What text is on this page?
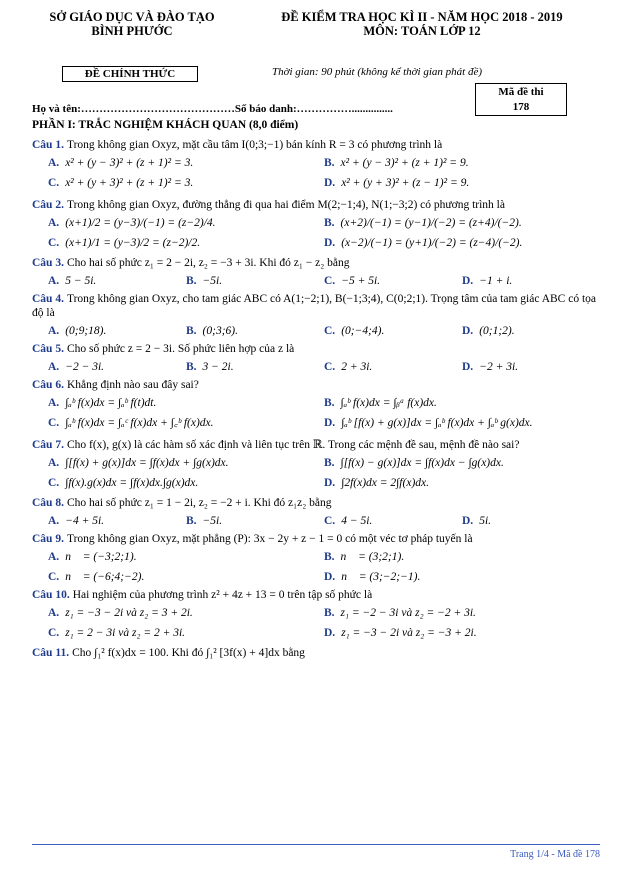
SỞ GIÁO DỤC VÀ ĐÀO TẠO
BÌNH PHƯỚC
ĐỀ KIỂM TRA HỌC KÌ II - NĂM HỌC 2018 - 2019
MÔN: TOÁN LỚP 12
ĐỀ CHÍNH THỨC	Thời gian: 90 phút (không kể thời gian phát đề)
Mã đề thi
178
Họ và tên:……………………………………Số báo danh:……………...............
PHẦN I: TRẮC NGHIỆM KHÁCH QUAN (8,0 điểm)
Câu 1. Trong không gian Oxyz, mặt cầu tâm I(0;3;−1) bán kính R = 3 có phương trình là
A. x² + (y − 3)² + (z + 1)² = 3.	B. x² + (y − 3)² + (z + 1)² = 9.
C. x² + (y + 3)² + (z + 1)² = 3.	D. x² + (y + 3)² + (z − 1)² = 9.
Câu 2. Trong không gian Oxyz, đường thẳng đi qua hai điểm M(2;−1;4), N(1;−3;2) có phương trình là
A. (x+1)/2 = (y−3)/(−1) = (z−2)/4.	B. (x+2)/(−1) = (y−1)/(−2) = (z+4)/(−2).
C. (x+1)/1 = (y−3)/2 = (z−2)/2.	D. (x−2)/(−1) = (y+1)/(−2) = (z−4)/(−2).
Câu 3. Cho hai số phức z₁ = 2 − 2i, z₂ = −3 + 3i. Khi đó z₁ − z₂ bằng
A. 5 − 5i.	B. −5i.	C. −5 + 5i.	D. −1 + i.
Câu 4. Trong không gian Oxyz, cho tam giác ABC có A(1;−2;1), B(−1;3;4), C(0;2;1). Trọng tâm của tam giác ABC có tọa độ là
A. (0;9;18).	B. (0;3;6).	C. (0;−4;4).	D. (0;1;2).
Câu 5. Cho số phức z = 2 − 3i. Số phức liên hợp của z là
A. −2 − 3i.	B. 3 − 2i.	C. 2 + 3i.	D. −2 + 3i.
Câu 6. Khẳng định nào sau đây sai?
A. ∫ₐᵇ f(x)dx = ∫ₐᵇ f(t)dt.	B. ∫ₐᵇ f(x)dx = ∫ᵦᵃ f(x)dx.
C. ∫ₐᵇ f(x)dx = ∫ₐᶜ f(x)dx + ∫꜀ᵇ f(x)dx.	D. ∫ₐᵇ [f(x) + g(x)]dx = ∫ₐᵇ f(x)dx + ∫ₐᵇ g(x)dx.
Câu 7. Cho f(x), g(x) là các hàm số xác định và liên tục trên ℝ. Trong các mệnh đề sau, mệnh đề nào sai?
A. ∫[f(x) + g(x)]dx = ∫f(x)dx + ∫g(x)dx.	B. ∫[f(x) − g(x)]dx = ∫f(x)dx − ∫g(x)dx.
C. ∫f(x).g(x)dx = ∫f(x)dx.∫g(x)dx.	D. ∫2f(x)dx = 2∫f(x)dx.
Câu 8. Cho hai số phức z₁ = 1 − 2i, z₂ = −2 + i. Khi đó z₁z₂ bằng
A. −4 + 5i.	B. −5i.	C. 4 − 5i.	D. 5i.
Câu 9. Trong không gian Oxyz, mặt phẳng (P): 3x − 2y + z − 1 = 0 có một véc tơ pháp tuyến là
A. n⃗ = (−3;2;1).	B. n⃗ = (3;2;1).
C. n⃗ = (−6;4;−2).	D. n⃗ = (3;−2;−1).
Câu 10. Hai nghiệm của phương trình z² + 4z + 13 = 0 trên tập số phức là
A. z₁ = −3 − 2i và z₂ = 3 + 2i.	B. z₁ = −2 − 3i và z₂ = −2 + 3i.
C. z₁ = 2 − 3i và z₂ = 2 + 3i.	D. z₁ = −3 − 2i và z₂ = −3 + 2i.
Câu 11. Cho ∫₁² f(x)dx = 100. Khi đó ∫₁² [3f(x) + 4]dx bằng
Trang 1/4 - Mã đề 178
